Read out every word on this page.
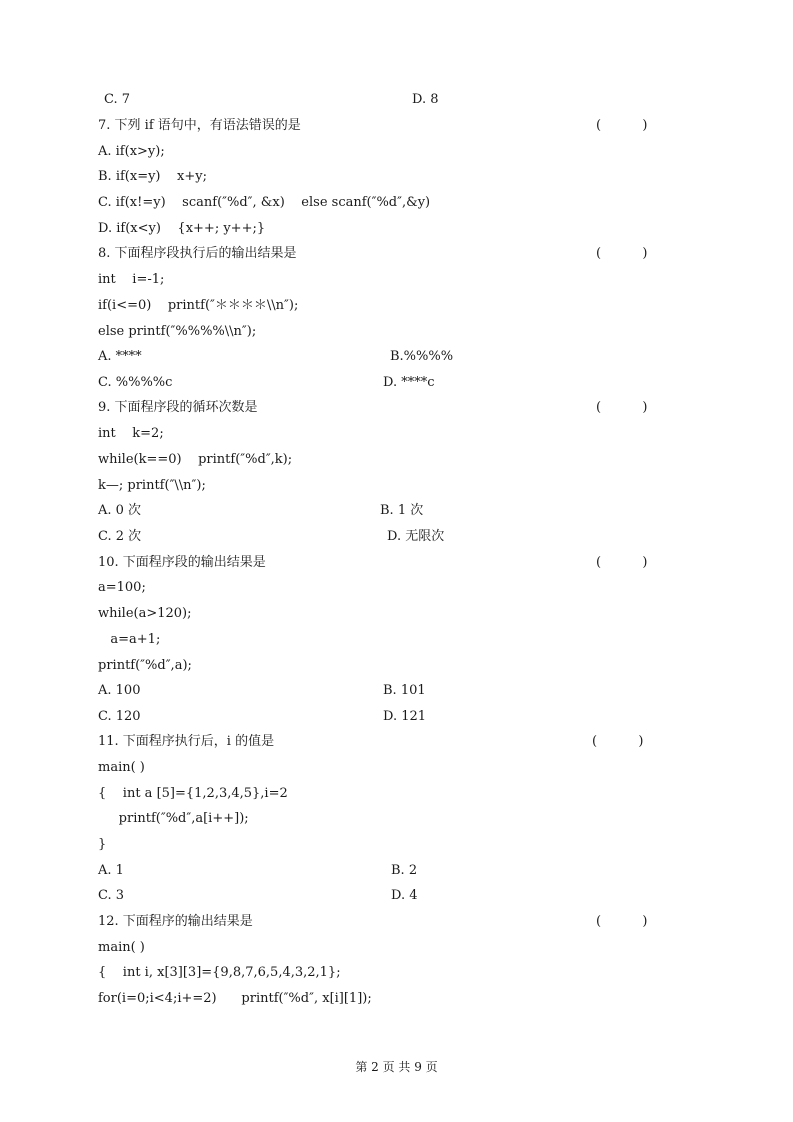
C. 7	D. 8
7. 下列 if 语句中，有语法错误的是	(          )
A. if(x>y);
B. if(x=y)    x+y;
C. if(x!=y)    scanf(″%d″, &x)    else scanf(″%d″,&y)
D. if(x<y)    {x++; y++;}
8. 下面程序段执行后的输出结果是	(          )
int    i=-1;
if(i<=0)    printf(″＊＊＊＊\\n″);
else printf(″%%%%\\n″);
A. ****	B.%%%%
C. %%%%c	D. ****c
9. 下面程序段的循环次数是	(          )
int    k=2;
while(k==0)    printf(″%d″,k);
k—; printf(″\\n″);
A. 0 次	B. 1 次
C. 2 次	D. 无限次
10. 下面程序段的输出结果是	(          )
a=100;
while(a>120);
a=a+1;
printf(″%d″,a);
A. 100	B. 101
C. 120	D. 121
11. 下面程序执行后，i 的值是	(          )
main( )
{    int a [5]={1,2,3,4,5},i=2
printf(″%d″,a[i++]);
}
A. 1	B. 2
C. 3	D. 4
12. 下面程序的输出结果是	(          )
main( )
{    int i, x[3][3]={9,8,7,6,5,4,3,2,1};
for(i=0;i<4;i+=2)      printf(″%d″, x[i][1]);
第 2 页 共 9 页
